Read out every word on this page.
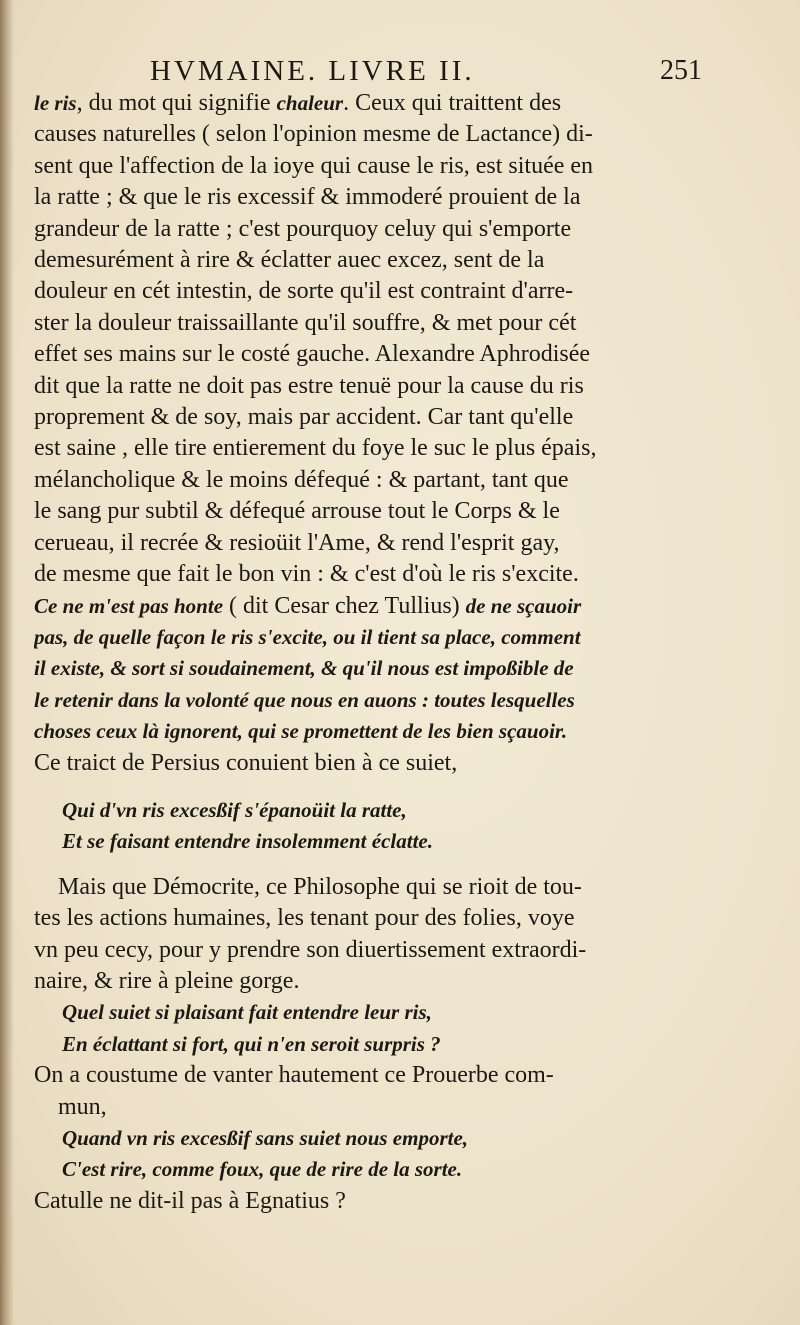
HVMAINE. LIVRE II.	251
le ris, du mot qui signifie chaleur. Ceux qui traittent des
causes naturelles ( selon l'opinion mesme de Lactance) di-
sent que l'affection de la ioye qui cause le ris, est située en
la ratte ; & que le ris excessif & immoderé prouient de la
grandeur de la ratte ; c'est pourquoy celuy qui s'emporte
demesurément à rire & éclatter auec excez, sent de la
douleur en cét intestin, de sorte qu'il est contraint d'arre-
ster la douleur traissaillante qu'il souffre, & met pour cét
effet ses mains sur le costé gauche. Alexandre Aphrodisée
dit que la ratte ne doit pas estre tenuë pour la cause du ris
proprement & de soy, mais par accident. Car tant qu'elle
est saine , elle tire entierement du foye le suc le plus épais,
mélancholique & le moins défequé : & partant, tant que
le sang pur subtil & défequé arrouse tout le Corps & le
cerueau, il recrée & resioüit l'Ame, & rend l'esprit gay,
de mesme que fait le bon vin : & c'est d'où le ris s'excite.
Ce ne m'est pas honte ( dit Cesar chez Tullius) de ne sçauoir
pas, de quelle façon le ris s'excite, ou il tient sa place, comment
il existe, & sort si soudainement, & qu'il nous est impoßible de
le retenir dans la volonté que nous en auons : toutes lesquelles
choses ceux là ignorent, qui se promettent de les bien sçauoir.
Ce traict de Persius conuient bien à ce suiet,
Qui d'vn ris excesßif s'épanoüit la ratte,
Et se faisant entendre insolemment éclatte.
Mais que Démocrite, ce Philosophe qui se rioit de tou-
tes les actions humaines, les tenant pour des folies, voye
vn peu cecy, pour y prendre son diuertissement extraordi-
naire, & rire à pleine gorge.
Quel suiet si plaisant fait entendre leur ris,
En éclattant si fort, qui n'en seroit surpris ?
On a coustume de vanter hautement ce Prouerbe com-
mun,
Quand vn ris excesßif sans suiet nous emporte,
C'est rire, comme foux, que de rire de la sorte.
Catulle ne dit-il pas à Egnatius ?
